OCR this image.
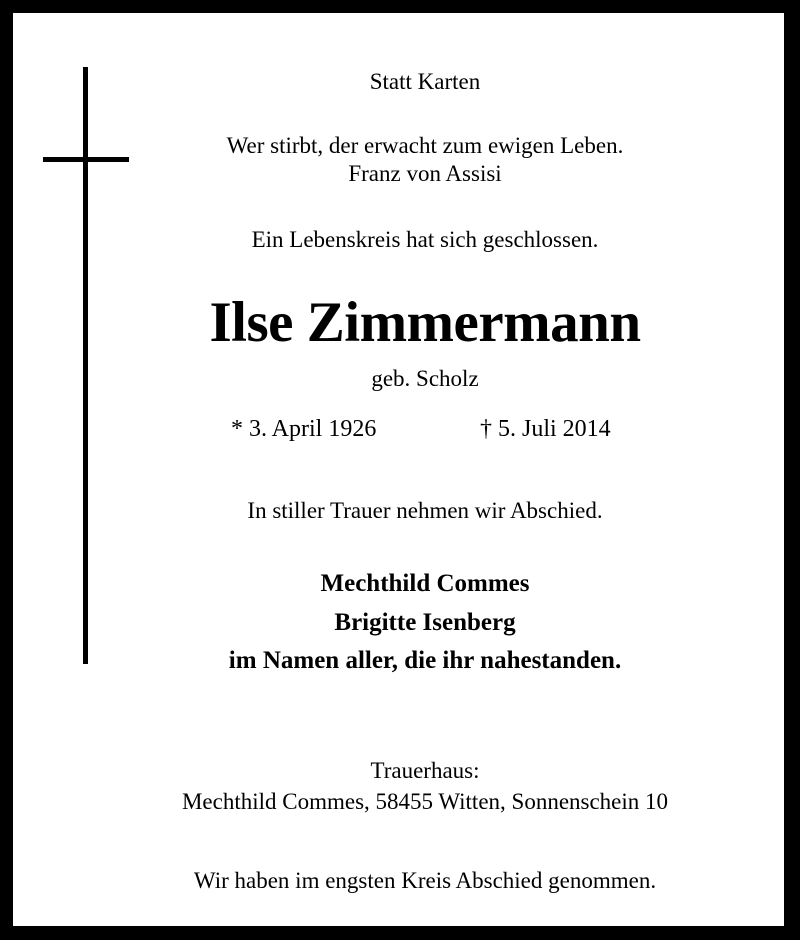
Statt Karten
Wer stirbt, der erwacht zum ewigen Leben.
Franz von Assisi
Ein Lebenskreis hat sich geschlossen.
Ilse Zimmermann
geb. Scholz
* 3. April 1926	† 5. Juli 2014
In stiller Trauer nehmen wir Abschied.
Mechthild Commes
Brigitte Isenberg
im Namen aller, die ihr nahestanden.
Trauerhaus:
Mechthild Commes, 58455 Witten, Sonnenschein 10
Wir haben im engsten Kreis Abschied genommen.
